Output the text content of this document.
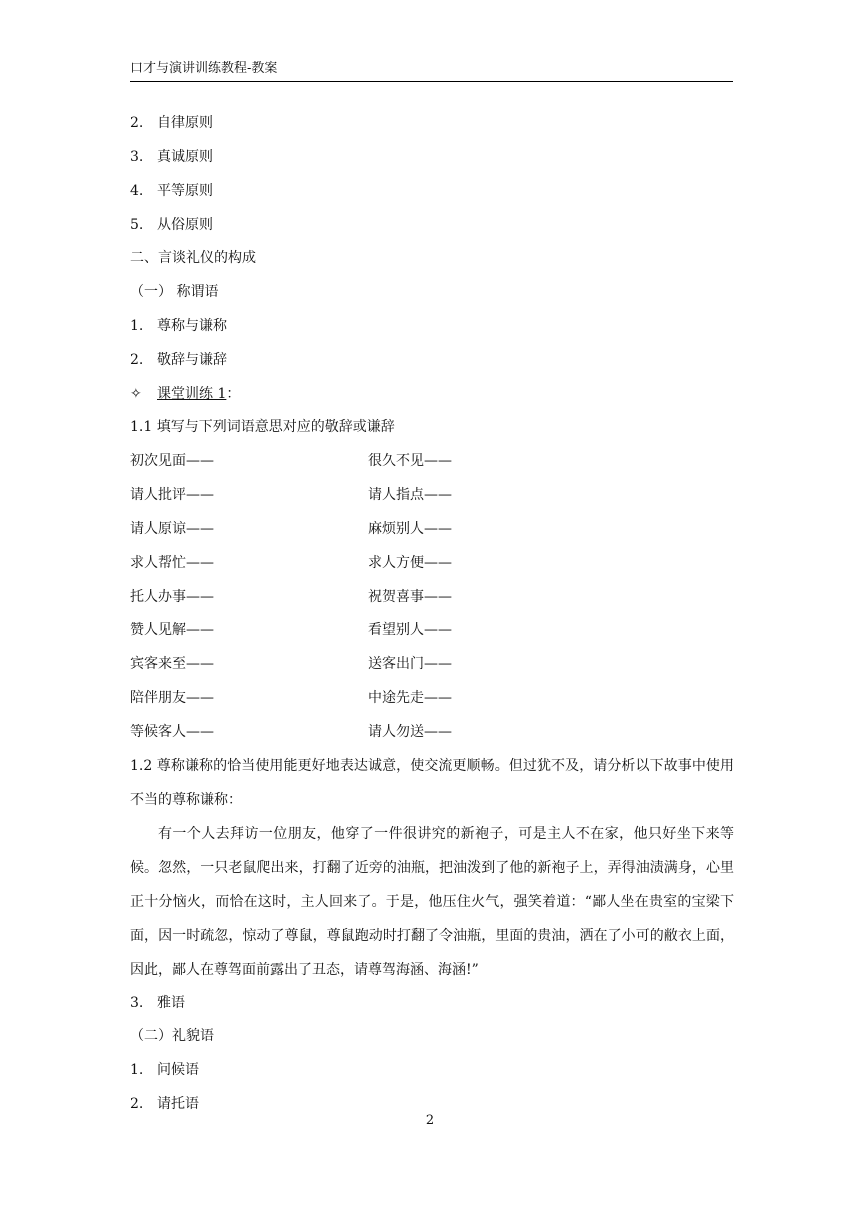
口才与演讲训练教程-教案
2. 自律原则
3. 真诚原则
4. 平等原则
5. 从俗原则
二、言谈礼仪的构成
（一） 称谓语
1. 尊称与谦称
2. 敬辞与谦辞
✧ 课堂训练 1：
1.1 填写与下列词语意思对应的敬辞或谦辞
初次见面——	很久不见——
请人批评——	请人指点——
请人原谅——	麻烦别人——
求人帮忙——	求人方便——
托人办事——	祝贺喜事——
赞人见解——	看望别人——
宾客来至——	送客出门——
陪伴朋友——	中途先走——
等候客人——	请人勿送——
1.2 尊称谦称的恰当使用能更好地表达诚意，使交流更顺畅。但过犹不及，请分析以下故事中使用不当的尊称谦称：
有一个人去拜访一位朋友，他穿了一件很讲究的新袍子，可是主人不在家，他只好坐下来等候。忽然，一只老鼠爬出来，打翻了近旁的油瓶，把油泼到了他的新袍子上，弄得油渍满身，心里正十分恼火，而恰在这时，主人回来了。于是，他压住火气，强笑着道：“鄙人坐在贵室的宝梁下面，因一时疏忽，惊动了尊鼠，尊鼠跑动时打翻了令油瓶，里面的贵油，洒在了小可的敝衣上面，因此，鄙人在尊驾面前露出了丑态，请尊驾海涵、海涵!”
3. 雅语
（二）礼貌语
1. 问候语
2. 请托语
2
